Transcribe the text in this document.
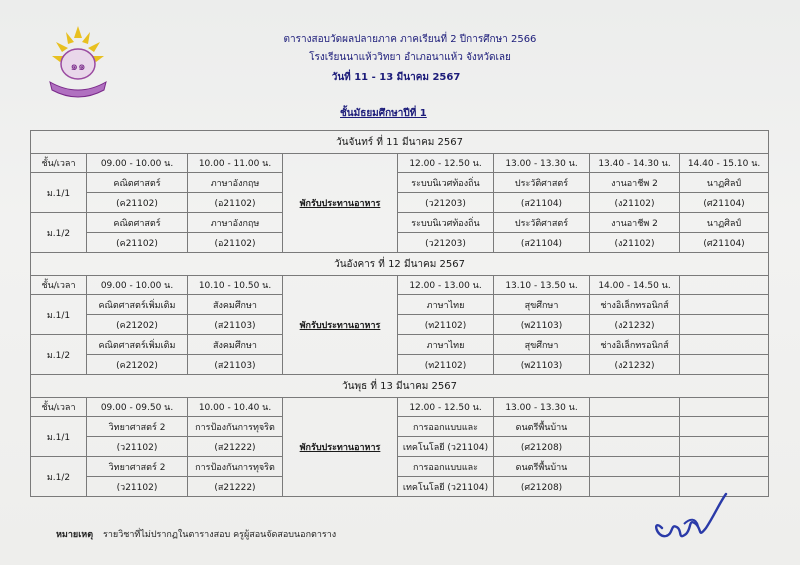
๑๑
ตารางสอบวัดผลปลายภาค ภาคเรียนที่ 2 ปีการศึกษา 2566
โรงเรียนนาแห้ววิทยา อำเภอนาแห้ว จังหวัดเลย
วันที่ 11 - 13 มีนาคม 2567
ชั้นมัธยมศึกษาปีที่ 1
วันจันทร์ ที่ 11 มีนาคม 2567							
ชั้น/เวลา	09.00 - 10.00 น.	10.00 - 11.00 น.	พักรับประทานอาหาร	12.00 - 12.50 น.	13.00 - 13.30 น.	13.40 - 14.30 น.	14.40 - 15.10 น.
ม.1/1	คณิตศาสตร์	ภาษาอังกฤษ		ระบบนิเวศท้องถิ่น	ประวัติศาสตร์	งานอาชีพ 2	นาฏศิลป์
	(ค21102)	(อ21102)		(ว21203)	(ส21104)	(ง21102)	(ศ21104)
ม.1/2	คณิตศาสตร์	ภาษาอังกฤษ		ระบบนิเวศท้องถิ่น	ประวัติศาสตร์	งานอาชีพ 2	นาฏศิลป์
	(ค21102)	(อ21102)		(ว21203)	(ส21104)	(ง21102)	(ศ21104)
วันอังคาร ที่ 12 มีนาคม 2567							
ชั้น/เวลา	09.00 - 10.00 น.	10.10 - 10.50 น.	พักรับประทานอาหาร	12.00 - 13.00 น.	13.10 - 13.50 น.	14.00 - 14.50 น.	
ม.1/1	คณิตศาสตร์เพิ่มเติม	สังคมศึกษา		ภาษาไทย	สุขศึกษา	ช่างอิเล็กทรอนิกส์	
	(ค21202)	(ส21103)		(ท21102)	(พ21103)	(ง21232)	
ม.1/2	คณิตศาสตร์เพิ่มเติม	สังคมศึกษา		ภาษาไทย	สุขศึกษา	ช่างอิเล็กทรอนิกส์	
	(ค21202)	(ส21103)		(ท21102)	(พ21103)	(ง21232)	
วันพุธ ที่ 13 มีนาคม 2567							
ชั้น/เวลา	09.00 - 09.50 น.	10.00 - 10.40 น.	พักรับประทานอาหาร	12.00 - 12.50 น.	13.00 - 13.30 น.		
ม.1/1	วิทยาศาสตร์ 2	การป้องกันการทุจริต		การออกแบบและ	ดนตรีพื้นบ้าน		
	(ว21102)	(ส21222)		เทคโนโลยี (ว21104)	(ศ21208)		
ม.1/2	วิทยาศาสตร์ 2	การป้องกันการทุจริต		การออกแบบและ	ดนตรีพื้นบ้าน		
	(ว21102)	(ส21222)		เทคโนโลยี (ว21104)	(ศ21208)		
หมายเหตุ รายวิชาที่ไม่ปรากฏในตารางสอบ ครูผู้สอนจัดสอบนอกตาราง
